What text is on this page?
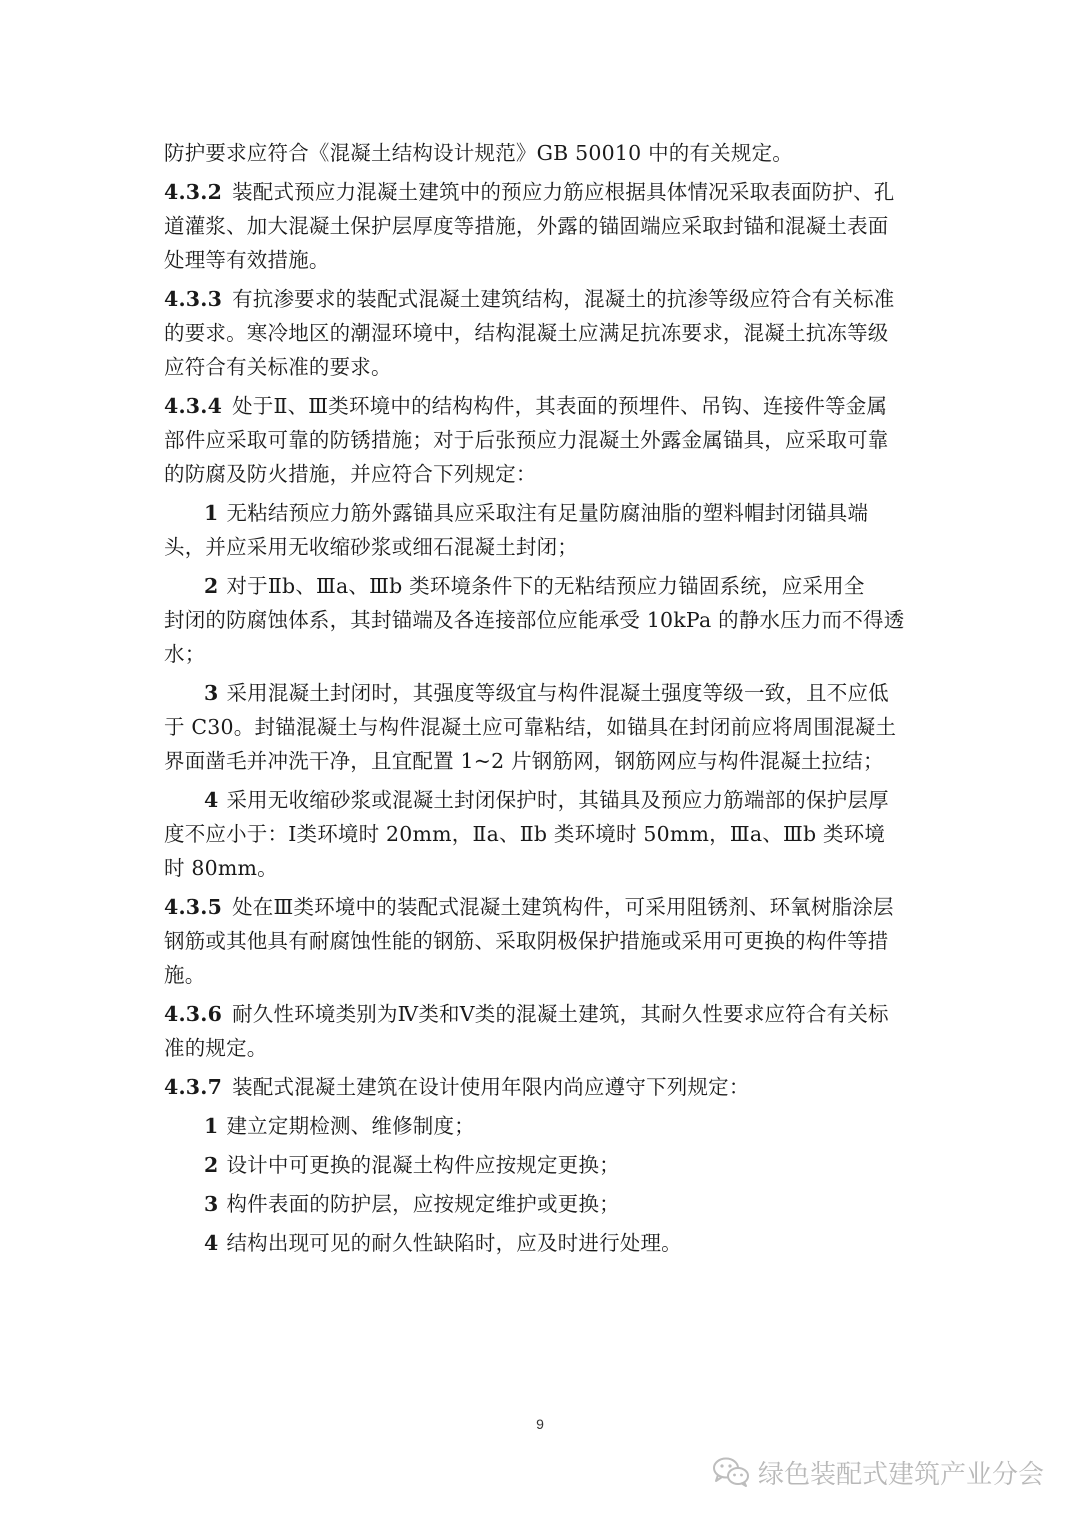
防护要求应符合《混凝土结构设计规范》GB 50010 中的有关规定。
4.3.2 装配式预应力混凝土建筑中的预应力筋应根据具体情况采取表面防护、孔
道灌浆、加大混凝土保护层厚度等措施，外露的锚固端应采取封锚和混凝土表面
处理等有效措施。
4.3.3 有抗渗要求的装配式混凝土建筑结构，混凝土的抗渗等级应符合有关标准
的要求。寒冷地区的潮湿环境中，结构混凝土应满足抗冻要求，混凝土抗冻等级
应符合有关标准的要求。
4.3.4 处于Ⅱ、Ⅲ类环境中的结构构件，其表面的预埋件、吊钩、连接件等金属
部件应采取可靠的防锈措施；对于后张预应力混凝土外露金属锚具，应采取可靠
的防腐及防火措施，并应符合下列规定：
1 无粘结预应力筋外露锚具应采取注有足量防腐油脂的塑料帽封闭锚具端
头，并应采用无收缩砂浆或细石混凝土封闭；
2 对于Ⅱb、Ⅲa、Ⅲb 类环境条件下的无粘结预应力锚固系统，应采用全
封闭的防腐蚀体系，其封锚端及各连接部位应能承受 10kPa 的静水压力而不得透
水；
3 采用混凝土封闭时，其强度等级宜与构件混凝土强度等级一致，且不应低
于 C30。封锚混凝土与构件混凝土应可靠粘结，如锚具在封闭前应将周围混凝土
界面凿毛并冲洗干净，且宜配置 1~2 片钢筋网，钢筋网应与构件混凝土拉结；
4 采用无收缩砂浆或混凝土封闭保护时，其锚具及预应力筋端部的保护层厚
度不应小于：Ⅰ类环境时 20mm，Ⅱa、Ⅱb 类环境时 50mm，Ⅲa、Ⅲb 类环境
时 80mm。
4.3.5 处在Ⅲ类环境中的装配式混凝土建筑构件，可采用阻锈剂、环氧树脂涂层
钢筋或其他具有耐腐蚀性能的钢筋、采取阴极保护措施或采用可更换的构件等措
施。
4.3.6 耐久性环境类别为Ⅳ类和Ⅴ类的混凝土建筑，其耐久性要求应符合有关标
准的规定。
4.3.7 装配式混凝土建筑在设计使用年限内尚应遵守下列规定：
1 建立定期检测、维修制度；
2 设计中可更换的混凝土构件应按规定更换；
3 构件表面的防护层，应按规定维护或更换；
4 结构出现可见的耐久性缺陷时，应及时进行处理。
9
绿色装配式建筑产业分会
